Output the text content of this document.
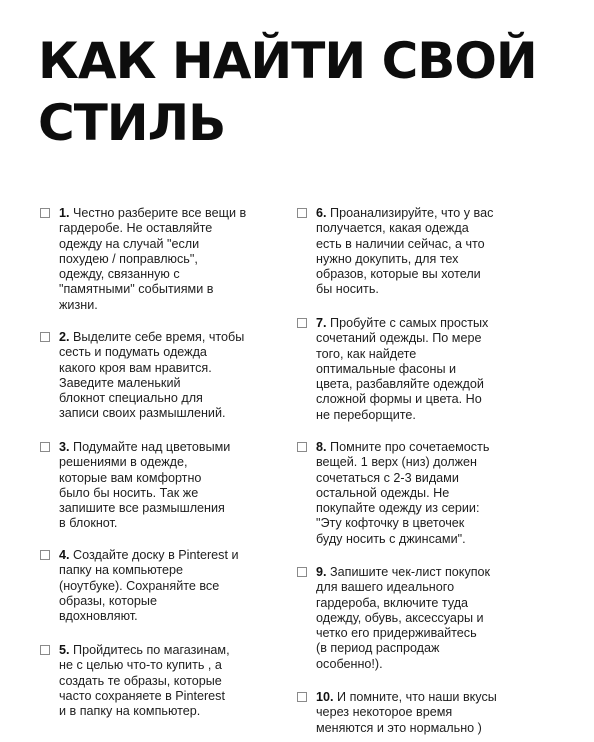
КАК НАЙТИ СВОЙ СТИЛЬ
1. Честно разберите все вещи в
гардеробе. Не оставляйте
одежду на случай "если
похудею / поправлюсь",
одежду, связанную с
"памятными" событиями в
жизни.
2. Выделите себе время, чтобы
сесть и подумать одежда
какого кроя вам нравится.
Заведите маленький
блокнот специально для
записи своих размышлений.
3. Подумайте над цветовыми
решениями в одежде,
которые вам комфортно
было бы носить. Так же
запишите все размышления
в блокнот.
4. Создайте доску в Pinterest и
папку на компьютере
(ноутбуке). Сохраняйте все
образы, которые
вдохновляют.
5. Пройдитесь по магазинам,
не с целью что-то купить , а
создать те образы, которые
часто сохраняете в Pinterest
и в папку на компьютер.
6. Проанализируйте, что у вас
получается, какая одежда
есть в наличии сейчас, а что
нужно докупить, для тех
образов, которые вы хотели
бы носить.
7. Пробуйте с самых простых
сочетаний одежды. По мере
того, как найдете
оптимальные фасоны и
цвета, разбавляйте одеждой
сложной формы и цвета. Но
не переборщите.
8. Помните про сочетаемость
вещей. 1 верх (низ) должен
сочетаться с 2-3 видами
остальной одежды. Не
покупайте одежду из серии:
"Эту кофточку в цветочек
буду носить с джинсами".
9. Запишите чек-лист покупок
для вашего идеального
гардероба, включите туда
одежду, обувь, аксессуары и
четко его придерживайтесь
(в период распродаж
особенно!).
10. И помните, что наши вкусы
через некоторое время
меняются и это нормально )
